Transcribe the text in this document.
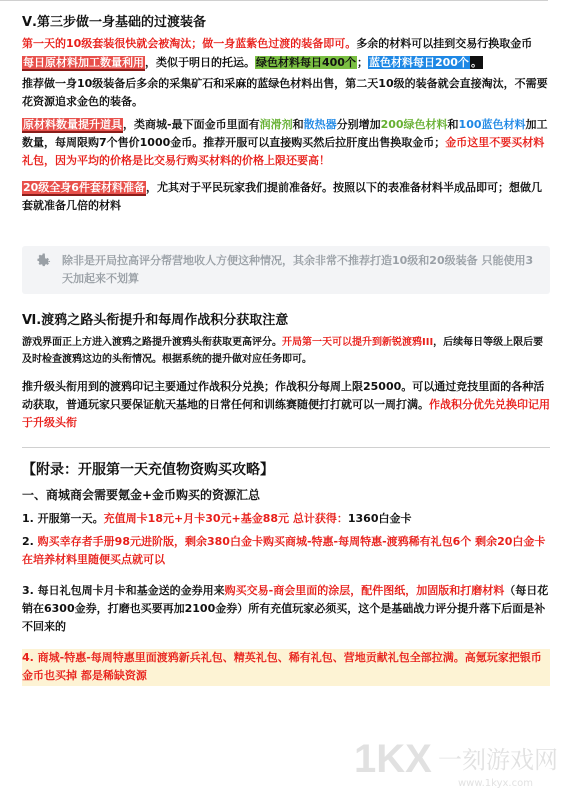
Ⅴ.第三步做一身基础的过渡装备

第一天的10级套装很快就会被淘汰；做一身蓝紫色过渡的装备即可。多余的材料可以挂到交易行换取金币

每日原材料加工数量利用，类似于明日的托运。绿色材料每日400个；蓝色材料每日200个 。

推荐做一身10级装备后多余的采集矿石和采麻的蓝绿色材料出售，第二天10级的装备就会直接淘汰，不需要花资源追求金色的装备。

原材料数量提升道具，类商城-最下面金币里面有润滑剂和散热器分别增加200绿色材料和100蓝色材料加工数量，每周限购7个售价1000金币。推荐开服可以直接购买然后拉肝度出售换取金币；金币这里不要买材料礼包，因为平均的价格是比交易行购买材料的价格上限还要高！

20级全身6件套材料准备，尤其对于平民玩家我们提前准备好。按照以下的表准备材料半成品即可；想做几套就准备几倍的材料

除非是开局拉高评分帮营地收人方便这种情况，其余非常不推荐打造10级和20级装备 只能使用3天加起来不划算

Ⅵ.渡鸦之路头衔提升和每周作战积分获取注意

游戏界面正上方进入渡鸦之路提升渡鸦头衔获取更高评分。开局第一天可以提升到新锐渡鸦III，后续每日等级上限后要及时检查渡鸦这边的头衔情况。根据系统的提升做对应任务即可。

推升级头衔用到的渡鸦印记主要通过作战积分兑换；作战积分每周上限25000。可以通过竞技里面的各种活动获取，普通玩家只要保证航天基地的日常任何和训练赛随便打打就可以一周打满。作战积分优先兑换印记用于升级头衔

【附录：开服第一天充值物资购买攻略】

一、商城商会需要氪金+金币购买的资源汇总

1. 开服第一天。充值周卡18元+月卡30元+基金88元 总计获得：1360白金卡

2. 购买幸存者手册98元进阶版，剩余380白金卡购买商城-特惠-每周特惠-渡鸦稀有礼包6个 剩余20白金卡在培养材料里随便买点就可以

3. 每日礼包周卡月卡和基金送的金券用来购买交易-商会里面的涂层，配件图纸，加固版和打磨材料（每日花销在6300金券，打磨也买要再加2100金券）所有充值玩家必须买，这个是基础战力评分提升落下后面是补不回来的

4. 商城-特惠-每周特惠里面渡鸦新兵礼包、精英礼包、稀有礼包、营地贡献礼包全部拉满。高氪玩家把银币金币也买掉 都是稀缺资源

1KX 一刻游戏网
www.1kyx.com
